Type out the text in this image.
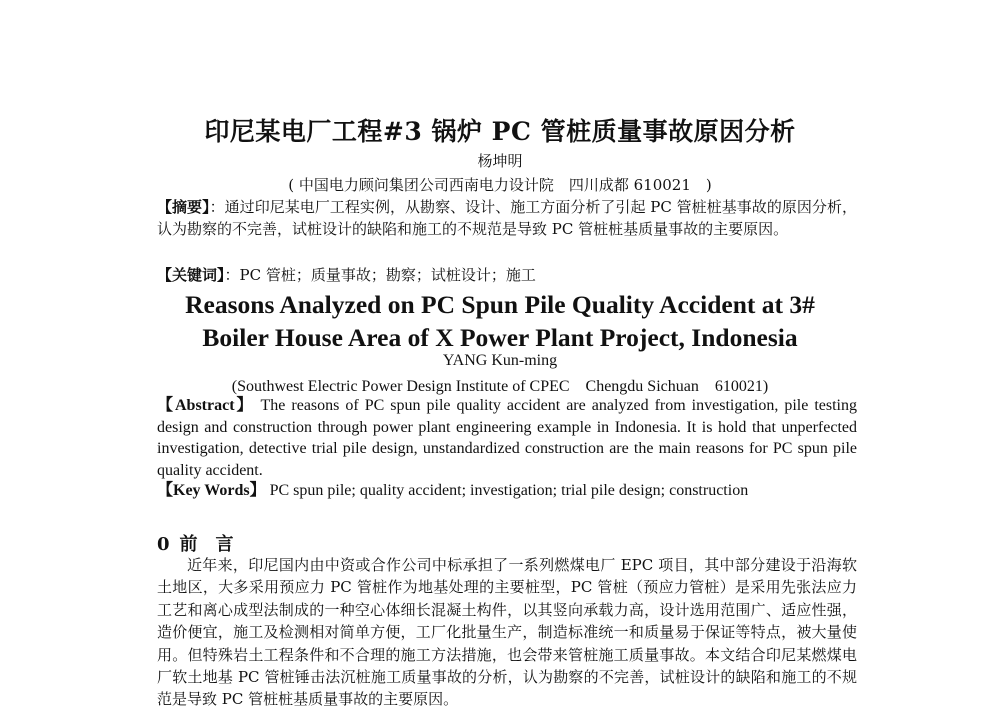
印尼某电厂工程#3 锅炉 PC 管桩质量事故原因分析
杨坤明
( 中国电力顾问集团公司西南电力设计院　四川成都 610021　)
【摘要】：通过印尼某电厂工程实例，从勘察、设计、施工方面分析了引起 PC 管桩桩基事故的原因分析，认为勘察的不完善，试桩设计的缺陷和施工的不规范是导致 PC 管桩桩基质量事故的主要原因。
【关键词】：PC 管桩；质量事故；勘察；试桩设计；施工
Reasons Analyzed on PC Spun Pile Quality Accident at 3#
Boiler House Area of X Power Plant Project, Indonesia
YANG Kun-ming
(Southwest Electric Power Design Institute of CPEC　Chengdu Sichuan　610021)
【Abstract】 The reasons of PC spun pile quality accident are analyzed from investigation, pile testing design and construction through power plant engineering example in Indonesia. It is hold that unperfected investigation, detective trial pile design, unstandardized construction are the main reasons for PC spun pile quality accident.
【Key Words】 PC spun pile; quality accident; investigation; trial pile design; construction
0 前　言
近年来，印尼国内由中资或合作公司中标承担了一系列燃煤电厂 EPC 项目，其中部分建设于沿海软土地区，大多采用预应力 PC 管桩作为地基处理的主要桩型，PC 管桩（预应力管桩）是采用先张法应力工艺和离心成型法制成的一种空心体细长混凝土构件，以其竖向承载力高，设计选用范围广、适应性强，造价便宜，施工及检测相对简单方便，工厂化批量生产，制造标准统一和质量易于保证等特点，被大量使用。但特殊岩土工程条件和不合理的施工方法措施，也会带来管桩施工质量事故。本文结合印尼某燃煤电厂软土地基 PC 管桩锤击法沉桩施工质量事故的分析，认为勘察的不完善，试桩设计的缺陷和施工的不规范是导致 PC 管桩桩基质量事故的主要原因。
